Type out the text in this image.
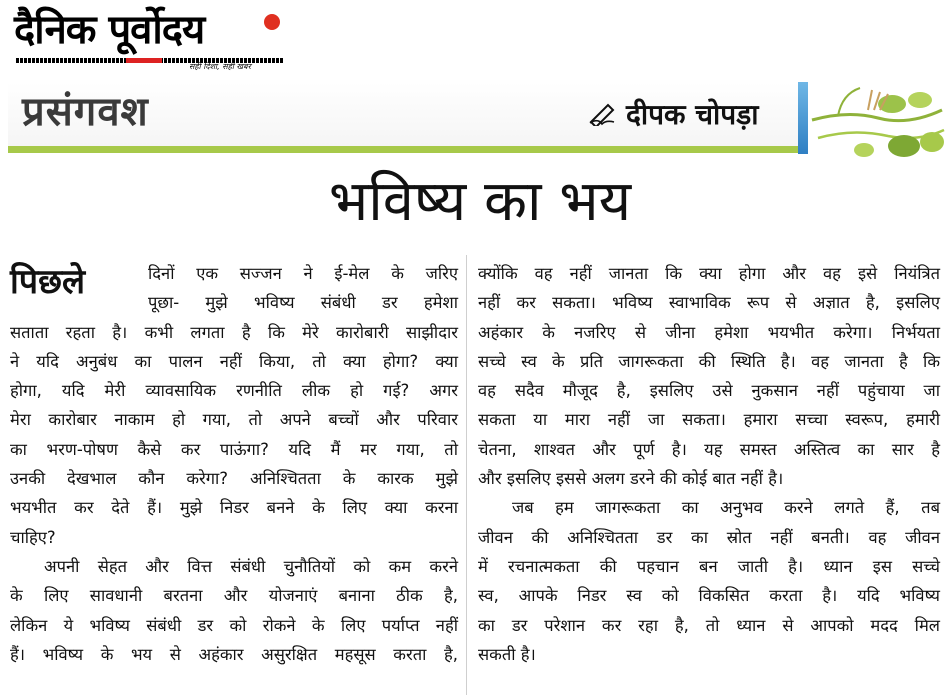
दैनिक पूर्वोदय
सही दिशा, सही खबर
प्रसंगवश	दीपक चोपड़ा
भविष्य का भय
पिछले	दिनों एक सज्जन ने ई-मेल के जरिए
पूछा- मुझे भविष्य संबंधी डर हमेशा
सताता रहता है। कभी लगता है कि मेरे कारोबारी साझीदार
ने यदि अनुबंध का पालन नहीं किया, तो क्या होगा? क्या
होगा, यदि मेरी व्यावसायिक रणनीति लीक हो गई? अगर
मेरा कारोबार नाकाम हो गया, तो अपने बच्चों और परिवार
का भरण-पोषण कैसे कर पाऊंगा? यदि मैं मर गया, तो
उनकी देखभाल कौन करेगा? अनिश्चितता के कारक मुझे
भयभीत कर देते हैं। मुझे निडर बनने के लिए क्या करना
चाहिए?
अपनी सेहत और वित्त संबंधी चुनौतियों को कम करने
के लिए सावधानी बरतना और योजनाएं बनाना ठीक है,
लेकिन ये भविष्य संबंधी डर को रोकने के लिए पर्याप्त नहीं
हैं। भविष्य के भय से अहंकार असुरक्षित महसूस करता है,
क्योंकि वह नहीं जानता कि क्या होगा और वह इसे नियंत्रित
नहीं कर सकता। भविष्य स्वाभाविक रूप से अज्ञात है, इसलिए
अहंकार के नजरिए से जीना हमेशा भयभीत करेगा। निर्भयता
सच्चे स्व के प्रति जागरूकता की स्थिति है। वह जानता है कि
वह सदैव मौजूद है, इसलिए उसे नुकसान नहीं पहुंचाया जा
सकता या मारा नहीं जा सकता। हमारा सच्चा स्वरूप, हमारी
चेतना, शाश्वत और पूर्ण है। यह समस्त अस्तित्व का सार है
और इसलिए इससे अलग डरने की कोई बात नहीं है।
जब हम जागरूकता का अनुभव करने लगते हैं, तब
जीवन की अनिश्चितता डर का स्रोत नहीं बनती। वह जीवन
में रचनात्मकता की पहचान बन जाती है। ध्यान इस सच्चे
स्व, आपके निडर स्व को विकसित करता है। यदि भविष्य
का डर परेशान कर रहा है, तो ध्यान से आपको मदद मिल
सकती है।
